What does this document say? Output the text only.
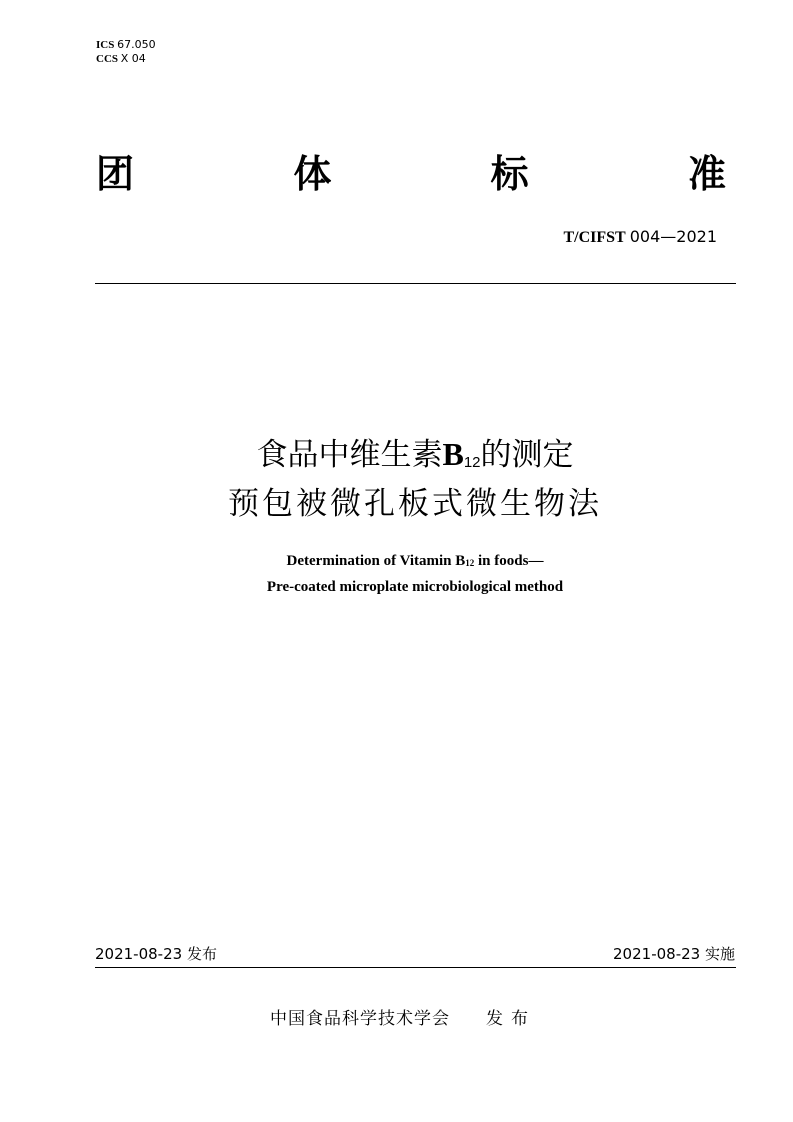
ICS 67.050
CCS X 04
团	体	标	准
T/CIFST 004—2021
食品中维生素B12的测定
预包被微孔板式微生物法
Determination of Vitamin B12 in foods—
Pre-coated microplate microbiological method
2021-08-23 发布	2021-08-23 实施
中国食品科学技术学会 发布
